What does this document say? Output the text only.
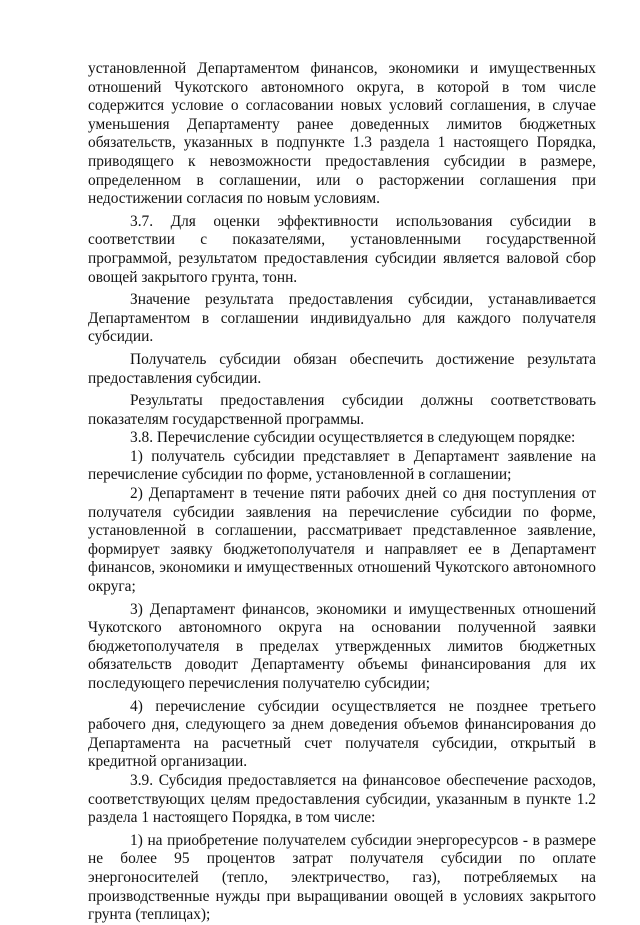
установленной Департаментом финансов, экономики и имущественных отношений Чукотского автономного округа, в которой в том числе содержится условие о согласовании новых условий соглашения, в случае уменьшения Департаменту ранее доведенных лимитов бюджетных обязательств, указанных в подпункте 1.3 раздела 1 настоящего Порядка, приводящего к невозможности предоставления субсидии в размере, определенном в соглашении, или о расторжении соглашения при недостижении согласия по новым условиям.

3.7. Для оценки эффективности использования субсидии в соответствии с показателями, установленными государственной программой, результатом предоставления субсидии является валовой сбор овощей закрытого грунта, тонн.

Значение результата предоставления субсидии, устанавливается Департаментом в соглашении индивидуально для каждого получателя субсидии.

Получатель субсидии обязан обеспечить достижение результата предоставления субсидии.

Результаты предоставления субсидии должны соответствовать показателям государственной программы.

3.8. Перечисление субсидии осуществляется в следующем порядке:

1) получатель субсидии представляет в Департамент заявление на перечисление субсидии по форме, установленной в соглашении;

2) Департамент в течение пяти рабочих дней со дня поступления от получателя субсидии заявления на перечисление субсидии по форме, установленной в соглашении, рассматривает представленное заявление, формирует заявку бюджетополучателя и направляет ее в Департамент финансов, экономики и имущественных отношений Чукотского автономного округа;

3) Департамент финансов, экономики и имущественных отношений Чукотского автономного округа на основании полученной заявки бюджетополучателя в пределах утвержденных лимитов бюджетных обязательств доводит Департаменту объемы финансирования для их последующего перечисления получателю субсидии;

4) перечисление субсидии осуществляется не позднее третьего рабочего дня, следующего за днем доведения объемов финансирования до Департамента на расчетный счет получателя субсидии, открытый в кредитной организации.

3.9. Субсидия предоставляется на финансовое обеспечение расходов, соответствующих целям предоставления субсидии, указанным в пункте 1.2 раздела 1 настоящего Порядка, в том числе:

1) на приобретение получателем субсидии энергоресурсов - в размере не более 95 процентов затрат получателя субсидии по оплате энергоносителей (тепло, электричество, газ), потребляемых на производственные нужды при выращивании овощей в условиях закрытого грунта (теплицах);
